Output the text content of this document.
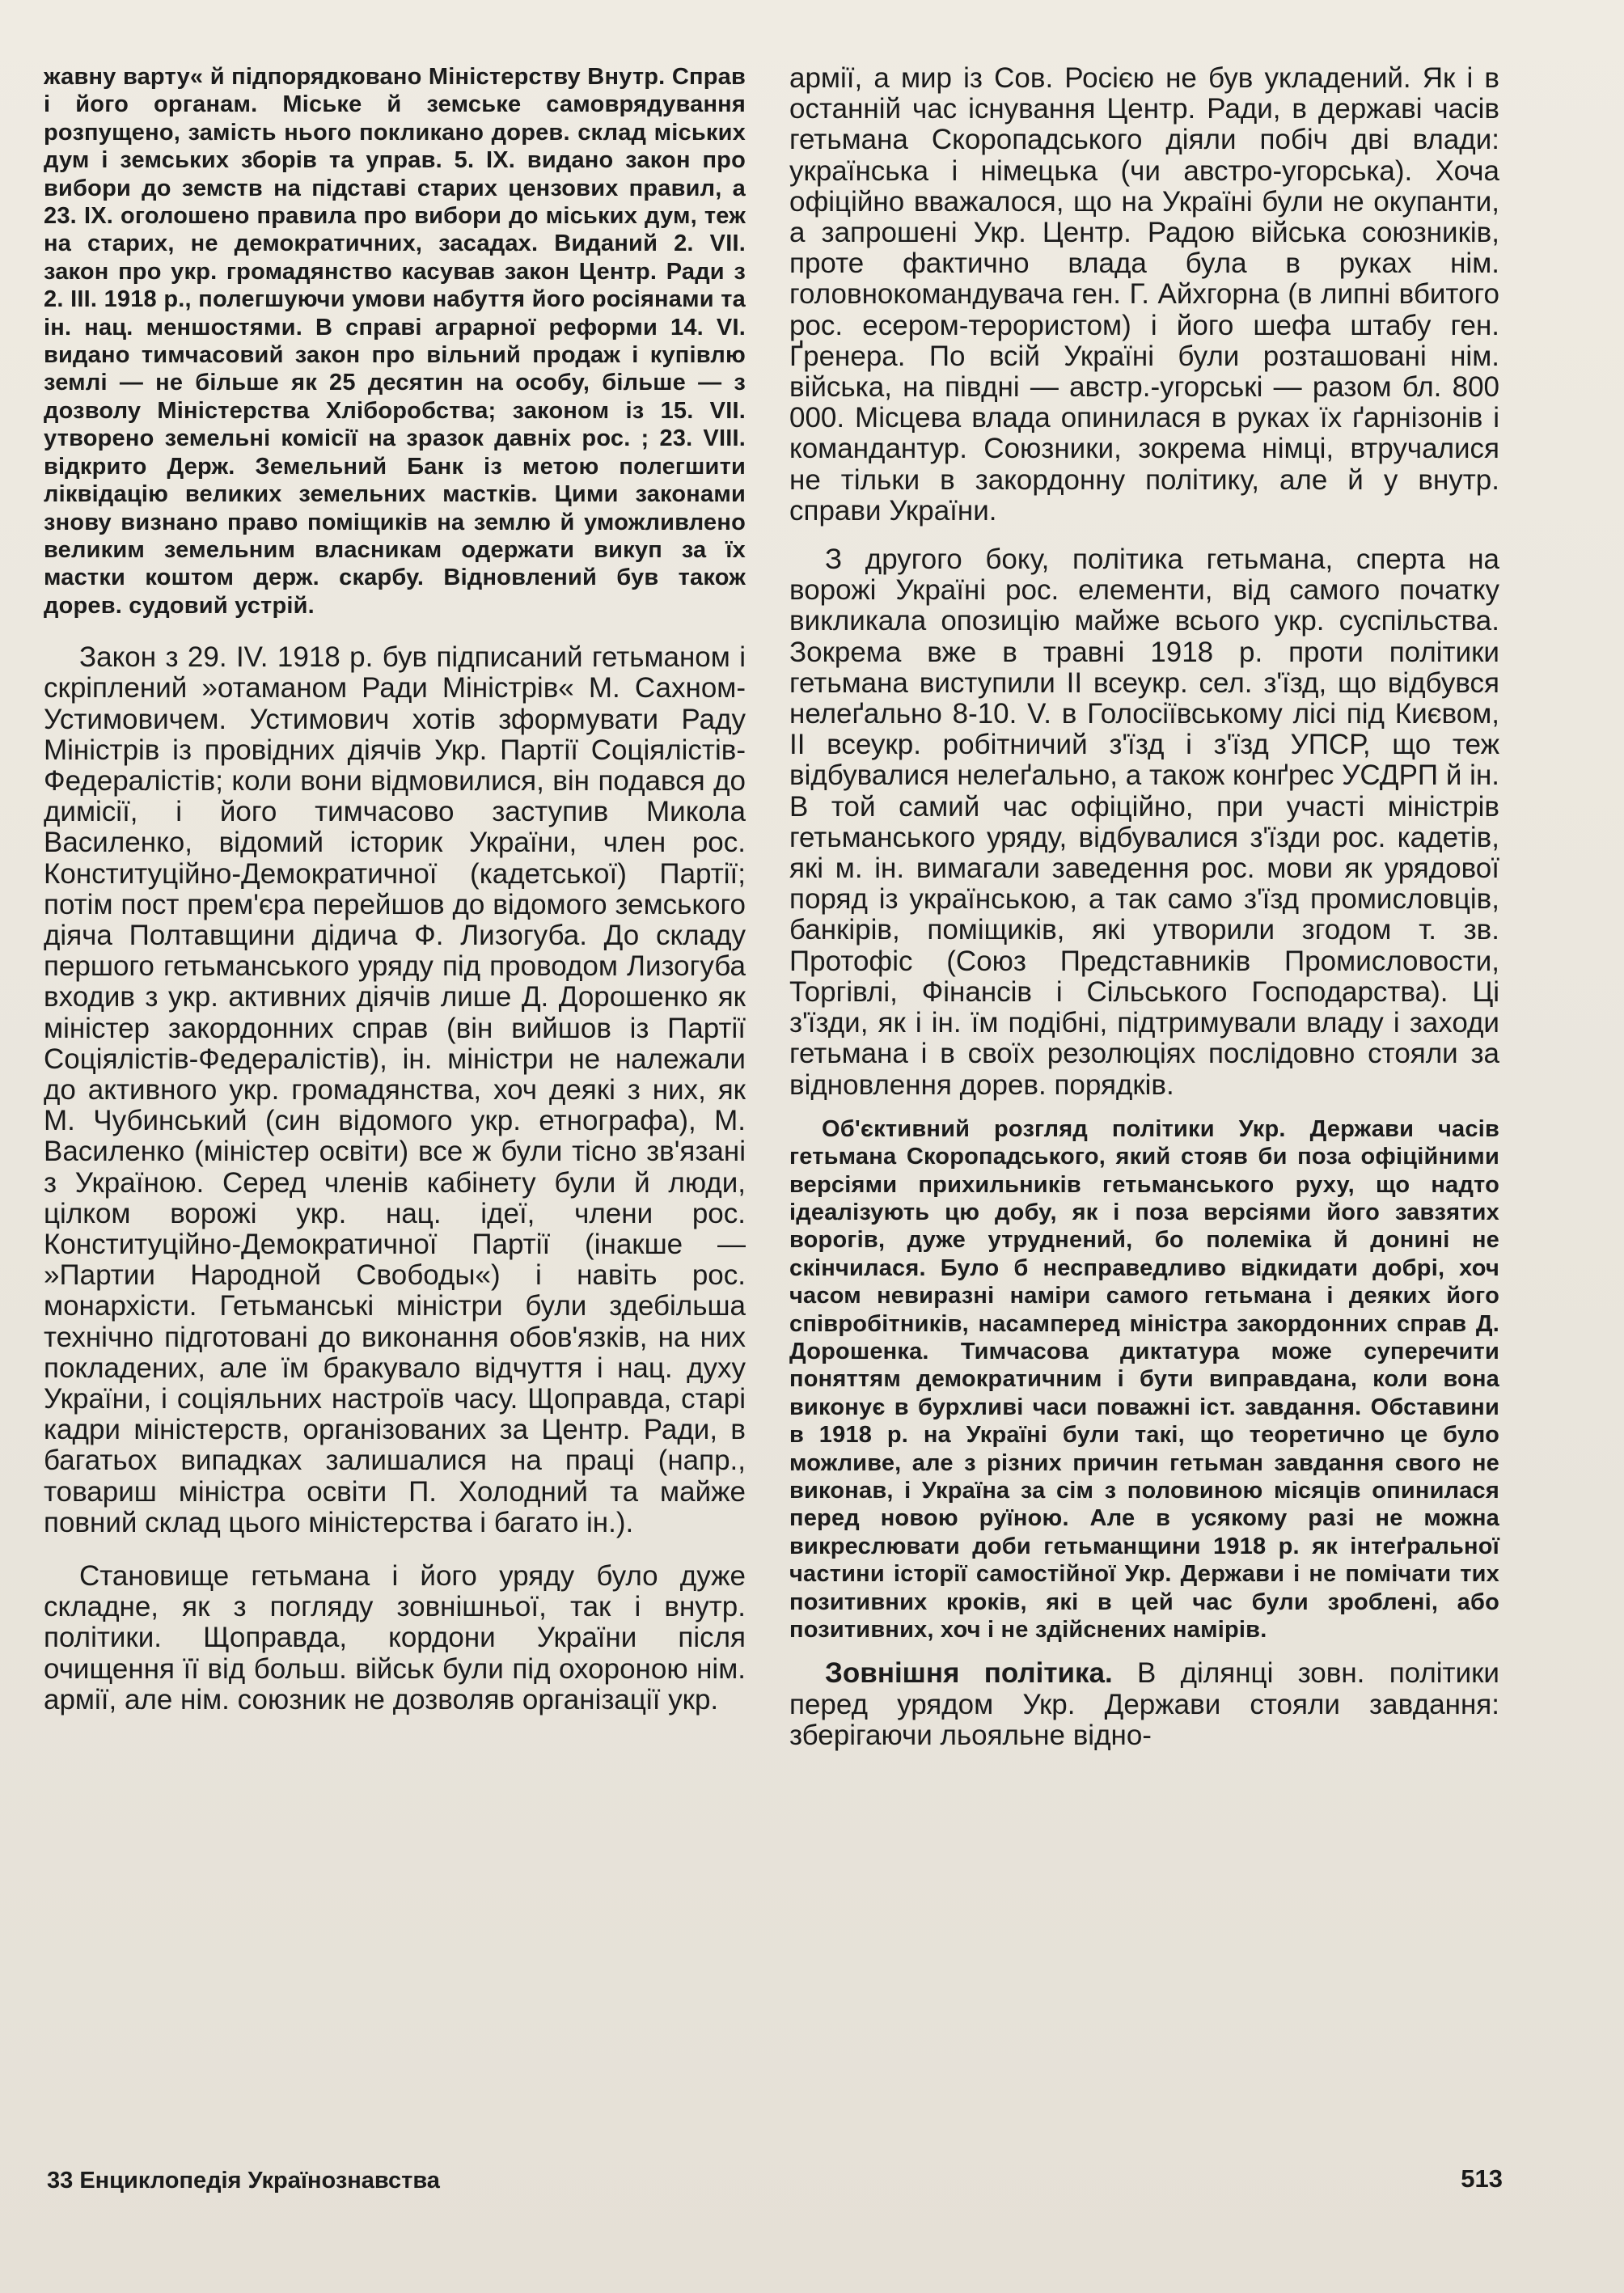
жавну варту« й підпорядковано Міністерству Внутр. Справ і його органам. Міське й земське самоврядування розпущено, замість нього покликано дорев. склад міських дум і земських зборів та управ. 5. IX. видано закон про вибори до земств на підставі старих цензових правил, а 23. IX. оголошено правила про вибори до міських дум, теж на старих, не демократичних, засадах. Виданий 2. VII. закон про укр. громадянство касував закон Центр. Ради з 2. III. 1918 р., полегшуючи умови набуття його росіянами та ін. нац. меншостями. В справі аграрної реформи 14. VI. видано тимчасовий закон про вільний продаж і купівлю землі — не більше як 25 десятин на особу, більше — з дозволу Міністерства Хліборобства; законом із 15. VII. утворено земельні комісії на зразок давніх рос. ; 23. VIII. відкрито Держ. Земельний Банк із метою полегшити ліквідацію великих земельних мастків. Цими законами знову визнано право поміщиків на землю й уможливлено великим земельним власникам одержати викуп за їх мастки коштом держ. скарбу. Відновлений був також дорев. судовий устрій.

Закон з 29. IV. 1918 р. був підписаний гетьманом і скріплений »отаманом Ради Міністрів« М. Сахном-Устимовичем. Устимович хотів зформувати Раду Міністрів із провідних діячів Укр. Партії Соціялістів-Федералістів; коли вони відмовилися, він подався до димісії, і його тимчасово заступив Микола Василенко, відомий історик України, член рос. Конституційно-Демократичної (кадетської) Партії; потім пост прем'єра перейшов до відомого земського діяча Полтавщини дідича Ф. Лизогуба. До складу першого гетьманського уряду під проводом Лизогуба входив з укр. активних діячів лише Д. Дорошенко як міністер закордонних справ (він вийшов із Партії Соціялістів-Федералістів), ін. міністри не належали до активного укр. громадянства, хоч деякі з них, як М. Чубинський (син відомого укр. етнографа), М. Василенко (міністер освіти) все ж були тісно зв'язані з Україною. Серед членів кабінету були й люди, цілком ворожі укр. нац. ідеї, члени рос. Конституційно-Демократичної Партії (інакше — »Партии Народной Свободы«) і навіть рос. монархісти. Гетьманські міністри були здебільша технічно підготовані до виконання обов'язків, на них покладених, але їм бракувало відчуття і нац. духу України, і соціяльних настроїв часу. Щоправда, старі кадри міністерств, організованих за Центр. Ради, в багатьох випадках залишалися на праці (напр., товариш міністра освіти П. Холодний та майже повний склад цього міністерства і багато ін.).

Становище гетьмана і його уряду було дуже складне, як з погляду зовнішньої, так і внутр. політики. Щоправда, кордони України після очищення її від больш. військ були під охороною нім. армії, але нім. союзник не дозволяв організації укр.

армії, а мир із Сов. Росією не був укладений. Як і в останній час існування Центр. Ради, в державі часів гетьмана Скоропадського діяли побіч дві влади: українська і німецька (чи австро-угорська). Хоча офіційно вважалося, що на Україні були не окупанти, а запрошені Укр. Центр. Радою війська союзників, проте фактично влада була в руках нім. головнокомандувача ген. Г. Айхгорна (в липні вбитого рос. есером-терористом) і його шефа штабу ген. Ґренера. По всій Україні були розташовані нім. війська, на півдні — австр.-угорські — разом бл. 800 000. Місцева влада опинилася в руках їх ґарнізонів і командантур. Союзники, зокрема німці, втручалися не тільки в закордонну політику, але й у внутр. справи України.

З другого боку, політика гетьмана, сперта на ворожі Україні рос. елементи, від самого початку викликала опозицію майже всього укр. суспільства. Зокрема вже в травні 1918 р. проти політики гетьмана виступили II всеукр. сел. з'їзд, що відбувся нелеґально 8-10. V. в Голосіївському лісі під Києвом, II всеукр. робітничий з'їзд і з'їзд УПСР, що теж відбувалися нелеґально, а також конґрес УСДРП й ін. В той самий час офіційно, при участі міністрів гетьманського уряду, відбувалися з'їзди рос. кадетів, які м. ін. вимагали заведення рос. мови як урядової поряд із українською, а так само з'їзд промисловців, банкірів, поміщиків, які утворили згодом т. зв. Протофіс (Союз Представників Промисловости, Торгівлі, Фінансів і Сільського Господарства). Ці з'їзди, як і ін. їм подібні, підтримували владу і заходи гетьмана і в своїх резолюціях послідовно стояли за відновлення дорев. порядків.

Об'єктивний розгляд політики Укр. Держави часів гетьмана Скоропадського, який стояв би поза офіційними версіями прихильників гетьманського руху, що надто ідеалізують цю добу, як і поза версіями його завзятих ворогів, дуже утруднений, бо полеміка й донині не скінчилася. Було б несправедливо відкидати добрі, хоч часом невиразні наміри самого гетьмана і деяких його співробітників, насамперед міністра закордонних справ Д. Дорошенка. Тимчасова диктатура може суперечити поняттям демократичним і бути виправдана, коли вона виконує в бурхливі часи поважні іст. завдання. Обставини в 1918 р. на Україні були такі, що теоретично це було можливе, але з різних причин гетьман завдання свого не виконав, і Україна за сім з половиною місяців опинилася перед новою руїною. Але в усякому разі не можна викреслювати доби гетьманщини 1918 р. як інтеґральної частини історії самостійної Укр. Держави і не помічати тих позитивних кроків, які в цей час були зроблені, або позитивних, хоч і не здійснених намірів.

Зовнішня політика. В ділянці зовн. політики перед урядом Укр. Держави стояли завдання: зберігаючи льояльне відно-

33 Енциклопедія Українознавства	513
